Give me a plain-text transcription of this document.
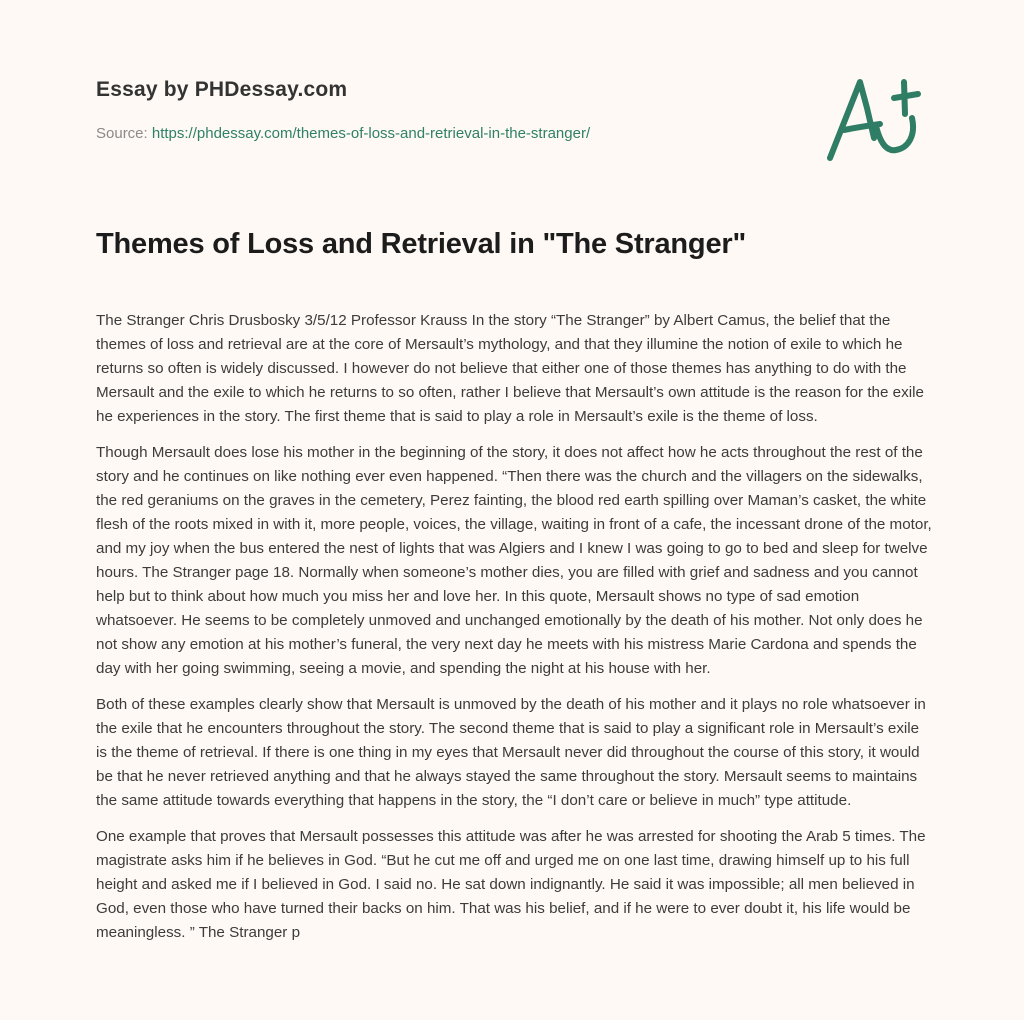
Essay by PHDessay.com
Source: https://phdessay.com/themes-of-loss-and-retrieval-in-the-stranger/
Themes of Loss and Retrieval in "The Stranger"

The Stranger Chris Drusbosky 3/5/12 Professor Krauss In the story “The Stranger” by Albert Camus, the belief that the themes of loss and retrieval are at the core of Mersault’s mythology, and that they illumine the notion of exile to which he returns so often is widely discussed. I however do not believe that either one of those themes has anything to do with the Mersault and the exile to which he returns to so often, rather I believe that Mersault’s own attitude is the reason for the exile he experiences in the story. The first theme that is said to play a role in Mersault’s exile is the theme of loss.

Though Mersault does lose his mother in the beginning of the story, it does not affect how he acts throughout the rest of the story and he continues on like nothing ever even happened. “Then there was the church and the villagers on the sidewalks, the red geraniums on the graves in the cemetery, Perez fainting, the blood red earth spilling over Maman’s casket, the white flesh of the roots mixed in with it, more people, voices, the village, waiting in front of a cafe, the incessant drone of the motor, and my joy when the bus entered the nest of lights that was Algiers and I knew I was going to go to bed and sleep for twelve hours. The Stranger page 18. Normally when someone’s mother dies, you are filled with grief and sadness and you cannot help but to think about how much you miss her and love her. In this quote, Mersault shows no type of sad emotion whatsoever. He seems to be completely unmoved and unchanged emotionally by the death of his mother. Not only does he not show any emotion at his mother’s funeral, the very next day he meets with his mistress Marie Cardona and spends the day with her going swimming, seeing a movie, and spending the night at his house with her.

Both of these examples clearly show that Mersault is unmoved by the death of his mother and it plays no role whatsoever in the exile that he encounters throughout the story. The second theme that is said to play a significant role in Mersault’s exile is the theme of retrieval. If there is one thing in my eyes that Mersault never did throughout the course of this story, it would be that he never retrieved anything and that he always stayed the same throughout the story. Mersault seems to maintains the same attitude towards everything that happens in the story, the “I don’t care or believe in much” type attitude.

One example that proves that Mersault possesses this attitude was after he was arrested for shooting the Arab 5 times. The magistrate asks him if he believes in God. “But he cut me off and urged me on one last time, drawing himself up to his full height and asked me if I believed in God. I said no. He sat down indignantly. He said it was impossible; all men believed in God, even those who have turned their backs on him. That was his belief, and if he were to ever doubt it, his life would be meaningless. ” The Stranger p
